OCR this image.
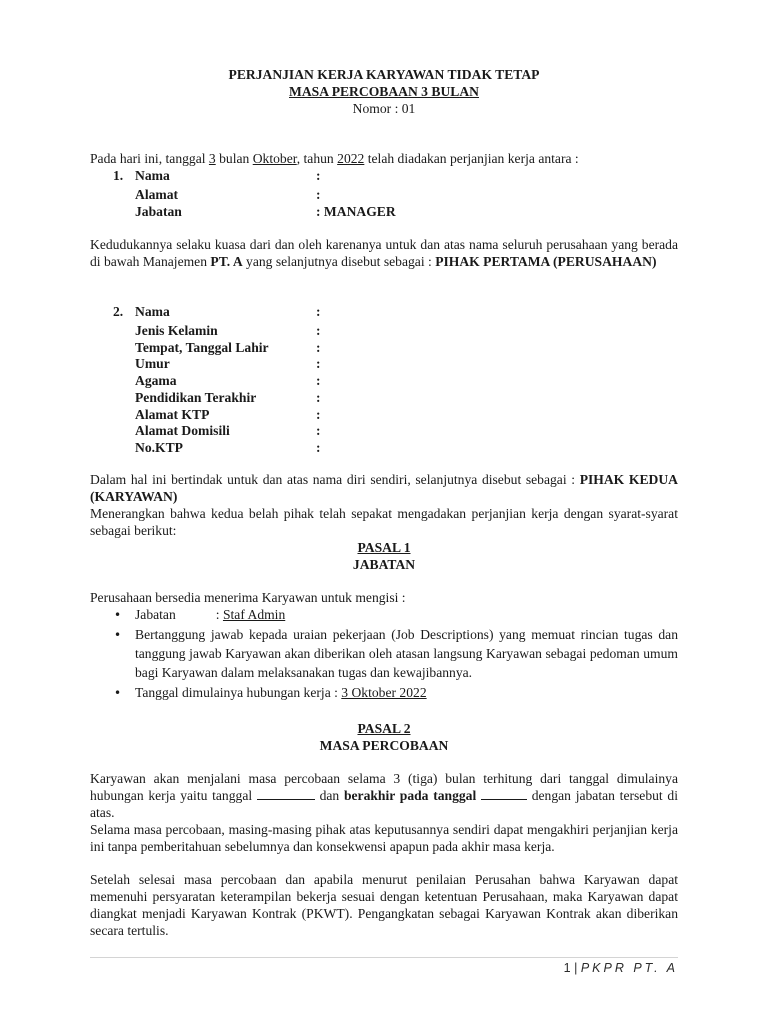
PERJANJIAN KERJA KARYAWAN TIDAK TETAP
MASA PERCOBAAN 3 BULAN
Nomor : 01
Pada hari ini, tanggal 3 bulan Oktober, tahun 2022 telah diadakan perjanjian kerja antara :
1. Nama	:
Alamat	:
Jabatan	: MANAGER
Kedudukannya selaku kuasa dari dan oleh karenanya untuk dan atas nama seluruh perusahaan yang berada di bawah Manajemen PT. A yang selanjutnya disebut sebagai : PIHAK PERTAMA (PERUSAHAAN)
2. Nama	:
Jenis Kelamin	:
Tempat, Tanggal Lahir	:
Umur	:
Agama	:
Pendidikan Terakhir	:
Alamat KTP	:
Alamat Domisili	:
No.KTP	:
Dalam hal ini bertindak untuk dan atas nama diri sendiri, selanjutnya disebut sebagai : PIHAK KEDUA (KARYAWAN)
Menerangkan bahwa kedua belah pihak telah sepakat mengadakan perjanjian kerja dengan syarat-syarat sebagai berikut:
PASAL 1
JABATAN
Perusahaan bersedia menerima Karyawan untuk mengisi :
• Jabatan	: Staf Admin
• Bertanggung jawab kepada uraian pekerjaan (Job Descriptions) yang memuat rincian tugas dan tanggung jawab Karyawan akan diberikan oleh atasan langsung Karyawan sebagai pedoman umum bagi Karyawan dalam melaksanakan tugas dan kewajibannya.
• Tanggal dimulainya hubungan kerja : 3 Oktober 2022
PASAL 2
MASA PERCOBAAN
Karyawan akan menjalani masa percobaan selama 3 (tiga) bulan terhitung dari tanggal dimulainya hubungan kerja yaitu tanggal	dan berakhir pada tanggal	dengan jabatan tersebut di atas.
Selama masa percobaan, masing-masing pihak atas keputusannya sendiri dapat mengakhiri perjanjian kerja ini tanpa pemberitahuan sebelumnya dan konsekwensi apapun pada akhir masa kerja.
Setelah selesai masa percobaan dan apabila menurut penilaian Perusahan bahwa Karyawan dapat memenuhi persyaratan keterampilan bekerja sesuai dengan ketentuan Perusahaan, maka Karyawan dapat diangkat menjadi Karyawan Kontrak (PKWT). Pengangkatan sebagai Karyawan Kontrak akan diberikan secara tertulis.
1 | PKPR PT. A
